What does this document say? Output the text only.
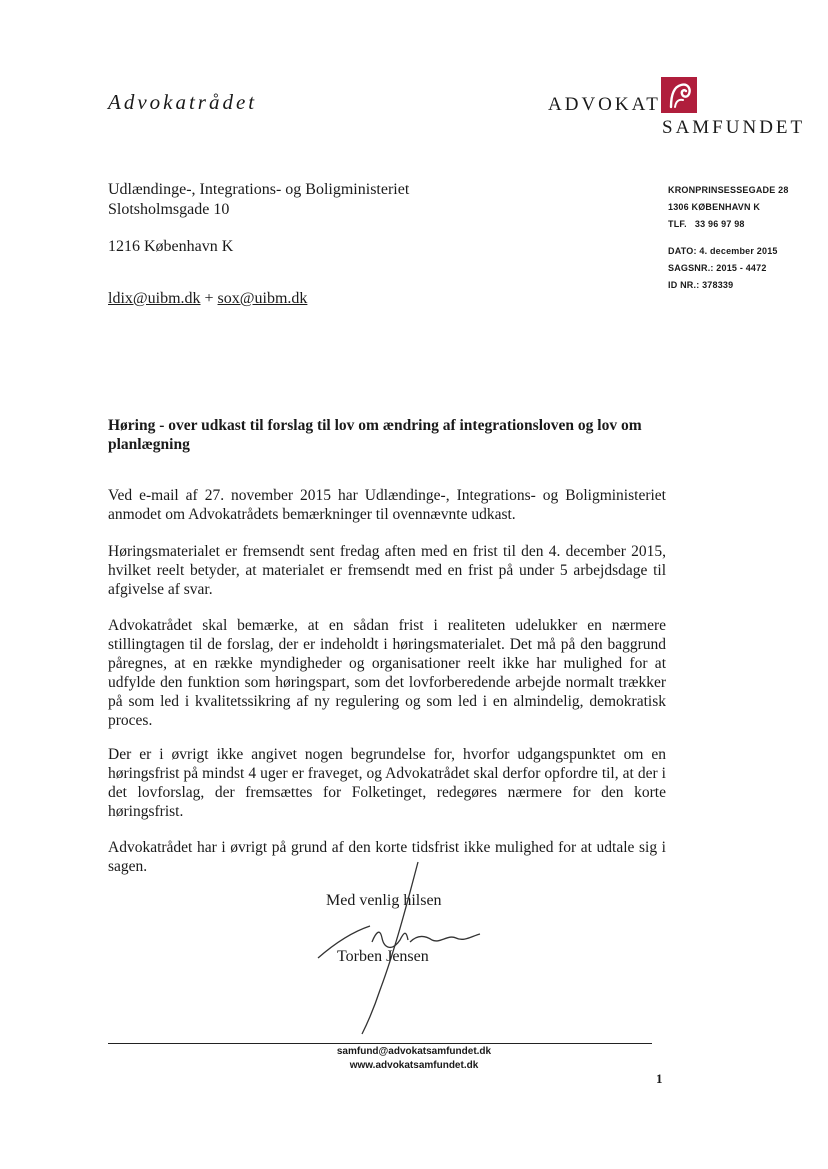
Advokatrådet	ADVOKAT
SAMFUNDET
Udlændinge-, Integrations- og Boligministeriet
Slotsholmsgade 10
1216 København K
ldix@uibm.dk + sox@uibm.dk
KRONPRINSESSEGADE 28
1306 KØBENHAVN K
TLF.   33 96 97 98
DATO: 4. december 2015
SAGSNR.: 2015 - 4472
ID NR.: 378339
Høring - over udkast til forslag til lov om ændring af integrationsloven og lov om planlægning
Ved e-mail af 27. november 2015 har Udlændinge-, Integrations- og Boligministeriet anmodet om Advokatrådets bemærkninger til ovennævnte udkast.
Høringsmaterialet er fremsendt sent fredag aften med en frist til den 4. december 2015, hvilket reelt betyder, at materialet er fremsendt med en frist på under 5 arbejdsdage til afgivelse af svar.
Advokatrådet skal bemærke, at en sådan frist i realiteten udelukker en nærmere stillingtagen til de forslag, der er indeholdt i høringsmaterialet. Det må på den baggrund påregnes, at en række myndigheder og organisationer reelt ikke har mulighed for at udfylde den funktion som høringspart, som det lovforberedende arbejde normalt trækker på som led i kvalitetssikring af ny regulering og som led i en almindelig, demokratisk proces.
Der er i øvrigt ikke angivet nogen begrundelse for, hvorfor udgangspunktet om en høringsfrist på mindst 4 uger er fraveget, og Advokatrådet skal derfor opfordre til, at der i det lovforslag, der fremsættes for Folketinget, redegøres nærmere for den korte høringsfrist.
Advokatrådet har i øvrigt på grund af den korte tidsfrist ikke mulighed for at udtale sig i sagen.
Med venlig hilsen
Torben Jensen
samfund@advokatsamfundet.dk
www.advokatsamfundet.dk
1
